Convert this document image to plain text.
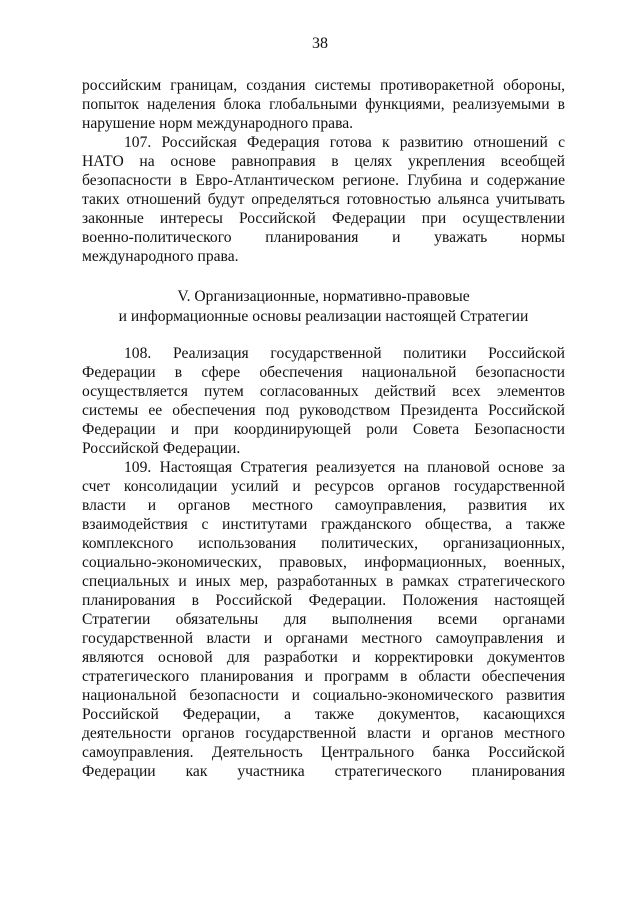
38
российским границам, создания системы противоракетной обороны,
попыток наделения блока глобальными функциями, реализуемыми в
нарушение норм международного права.
107. Российская Федерация готова к развитию отношений с
НАТО на основе равноправия в целях укрепления всеобщей
безопасности в Евро-Атлантическом регионе. Глубина и содержание
таких отношений будут определяться готовностью альянса учитывать
законные интересы Российской Федерации при осуществлении
военно-политического планирования и уважать нормы
международного права.
V. Организационные, нормативно-правовые
и информационные основы реализации настоящей Стратегии
108. Реализация государственной политики Российской
Федерации в сфере обеспечения национальной безопасности
осуществляется путем согласованных действий всех элементов
системы ее обеспечения под руководством Президента Российской
Федерации и при координирующей роли Совета Безопасности
Российской Федерации.
109. Настоящая Стратегия реализуется на плановой основе за
счет консолидации усилий и ресурсов органов государственной
власти и органов местного самоуправления, развития их
взаимодействия с институтами гражданского общества, а также
комплексного использования политических, организационных,
социально-экономических, правовых, информационных, военных,
специальных и иных мер, разработанных в рамках стратегического
планирования в Российской Федерации. Положения настоящей
Стратегии обязательны для выполнения всеми органами
государственной власти и органами местного самоуправления и
являются основой для разработки и корректировки документов
стратегического планирования и программ в области обеспечения
национальной безопасности и социально-экономического развития
Российской Федерации, а также документов, касающихся
деятельности органов государственной власти и органов местного
самоуправления. Деятельность Центрального банка Российской
Федерации как участника стратегического планирования
